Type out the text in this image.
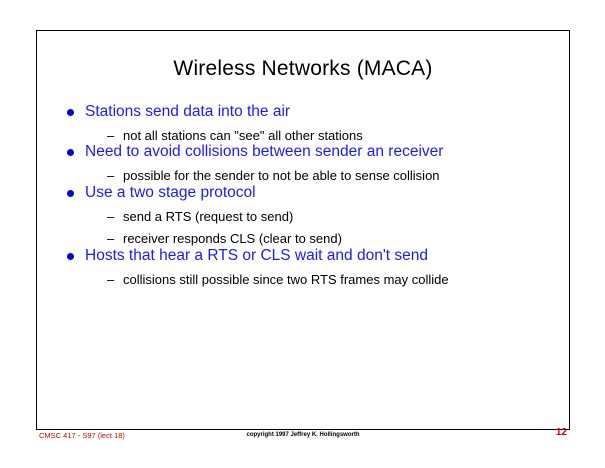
Wireless Networks (MACA)
Stations send data into the air
– not all stations can "see" all other stations
Need to avoid collisions between sender an receiver
– possible for the sender to not be able to sense collision
Use a two stage protocol
– send a RTS (request to send)
– receiver responds CLS (clear to send)
Hosts that hear a RTS or CLS wait and don't send
– collisions still possible since two RTS frames may collide
CMSC 417 - S97 (lect 18)	copyright 1997 Jeffrey K. Hollingsworth	12
